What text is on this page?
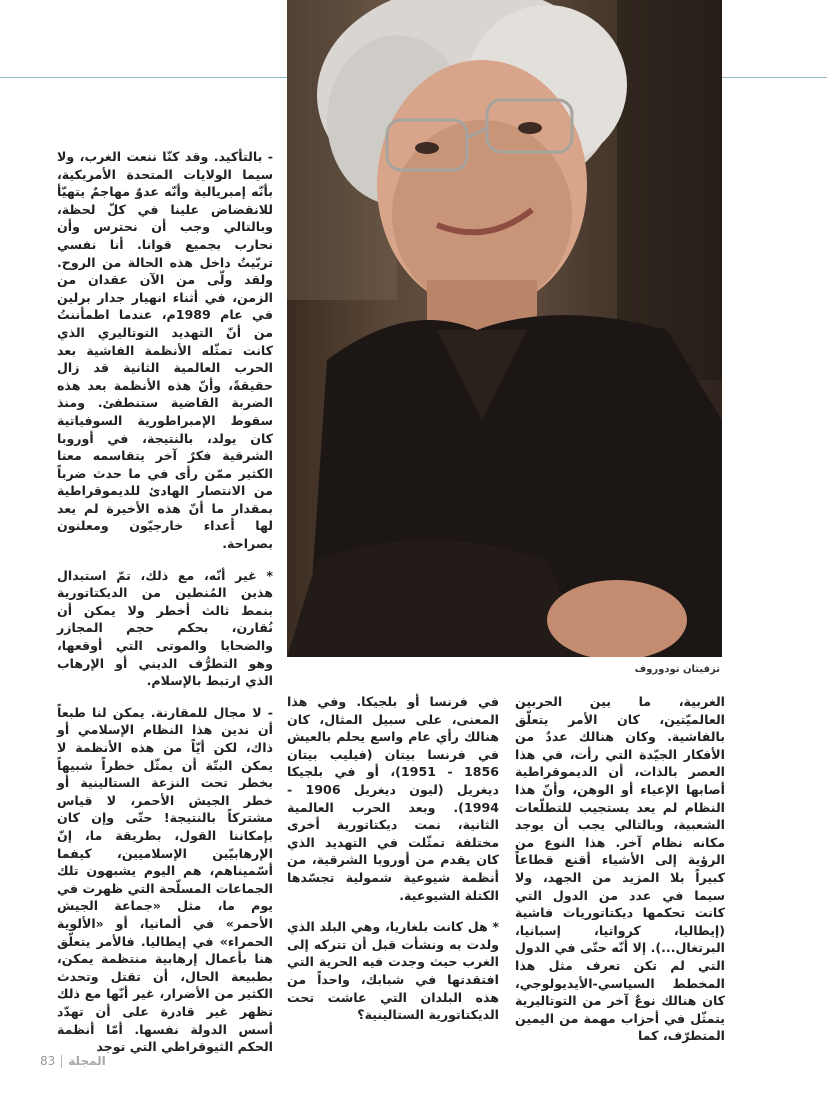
تزفيتان تودوروف

- بالتأكيد. وقد كنّا ننعت الغرب، ولا سيما الولايات المتحدة الأمريكية، بأنّه إمبريالية وأنّه عدوٌ مهاجمٌ يتهيّأ للانقضاض علينا في كلّ لحظة، وبالتالي وجب أن نحترس وأن نحارب بجميع قوانا. أنا نفسي تربّيتُ داخل هذه الحالة من الروح. ولقد ولّى من الآن عقدان من الزمن، في أثناء انهيار جدار برلين في عام 1989م، عندما اطمأننتُ من أنّ التهديد التوتاليري الذي كانت تمثّله الأنظمة الفاشية بعد الحرب العالمية الثانية قد زال حقيقةً، وأنّ هذه الأنظمة بعد هذه الضربة القاضية ستنطفئ. ومنذ سقوط الإمبراطورية السوفياتية كان يولد، بالنتيجة، في أوروبا الشرقية فكرٌ آخر يتقاسمه معنا الكثير ممّن رأى في ما حدث ضرباً من الانتصار الهادئ للديموقراطية بمقدار ما أنّ هذه الأخيرة لم يعد لها أعداء خارجيّون ومعلنون بصراحة.

* غير أنّه، مع ذلك، تمّ استبدال هذين المُنطين من الديكتاتورية بنمط ثالث أخطر ولا يمكن أن نُقارن، بحكم حجم المجازر والضحايا والموتى التي أوقعها، وهو التطرُّف الديني أو الإرهاب الذي ارتبط بالإسلام.

- لا مجال للمقارنة. يمكن لنا طبعاً أن ندين هذا النظام الإسلامي أو ذاك، لكن أيّاً من هذه الأنظمة لا يمكن البتّة أن يمثّل خطراً شبيهاً بخطر تحت النزعة الستالينية أو خطر الجيش الأحمر، لا قياس مشتركاً بالنتيجة! حتّى وإن كان بإمكاننا القول، بطريقة ما، إنّ الإرهابيّين الإسلاميين، كيفما أسّميناهم، هم اليوم يشبهون تلك الجماعات المسلّحة التي ظهرت في يوم ما، مثل «جماعة الجيش الأحمر» في ألمانيا، أو «الألوية الحمراء» في إيطاليا. فالأمر يتعلّق هنا بأعمال إرهابية منتظمة يمكن، بطبيعة الحال، أن تقتل وتحدث الكثير من الأضرار، غير أنّها مع ذلك تظهر غير قادرة على أن تهدّد أسس الدولة نفسها. أمّا أنظمة الحكم الثيوقراطي التي توجد

في فرنسا أو بلجيكا. وفي هذا المعنى، على سبيل المثال، كان هنالك رأي عام واسع يحلم بالعيش في فرنسا بيتان (فيليب بيتان 1856 - 1951)، أو في بلجيكا ديغريل (ليون ديغريل 1906 - 1994). وبعد الحرب العالمية الثانية، نمت ديكتاتورية أخرى مختلفة تمثّلت في التهديد الذي كان يقدم من أوروبا الشرقية، من أنظمة شيوعية شمولية تجسّدها الكتلة الشيوعية.

* هل كانت بلغاريا، وهي البلد الذي ولدت به ونشأت قبل أن تتركه إلى الغرب حيث وجدت فيه الحرية التي افتقدتها في شبابك، واحداً من هذه البلدان التي عاشت تحت الديكتاتورية الستالينية؟

الغربية، ما بين الحربين العالميّتين، كان الأمر يتعلّق بالفاشية. وكان هنالك عددٌ من الأفكار الجيّدة التي رأت، في هذا العصر بالذات، أن الديموقراطية أصابها الإعياء أو الوهن، وأنّ هذا النظام لم يعد يستجيب للتطلّعات الشعبية، وبالتالي يجب أن يوجد مكانه نظام آخر. هذا النوع من الرؤية إلى الأشياء أقنع قطاعاً كبيراً بلا المزيد من الجهد، ولا سيما في عدد من الدول التي كانت تحكمها ديكتاتوريات فاشية (إيطاليا، كرواتيا، إسبانيا، البرتغال...). إلا أنّه حتّى في الدول التي لم تكن تعرف مثل هذا المخطط السياسي-الأيديولوجي، كان هنالك نوعٌ آخر من التوتاليرية يتمثّل في أحزاب مهمة من اليمين المتطرّف، كما

83 المجلة
